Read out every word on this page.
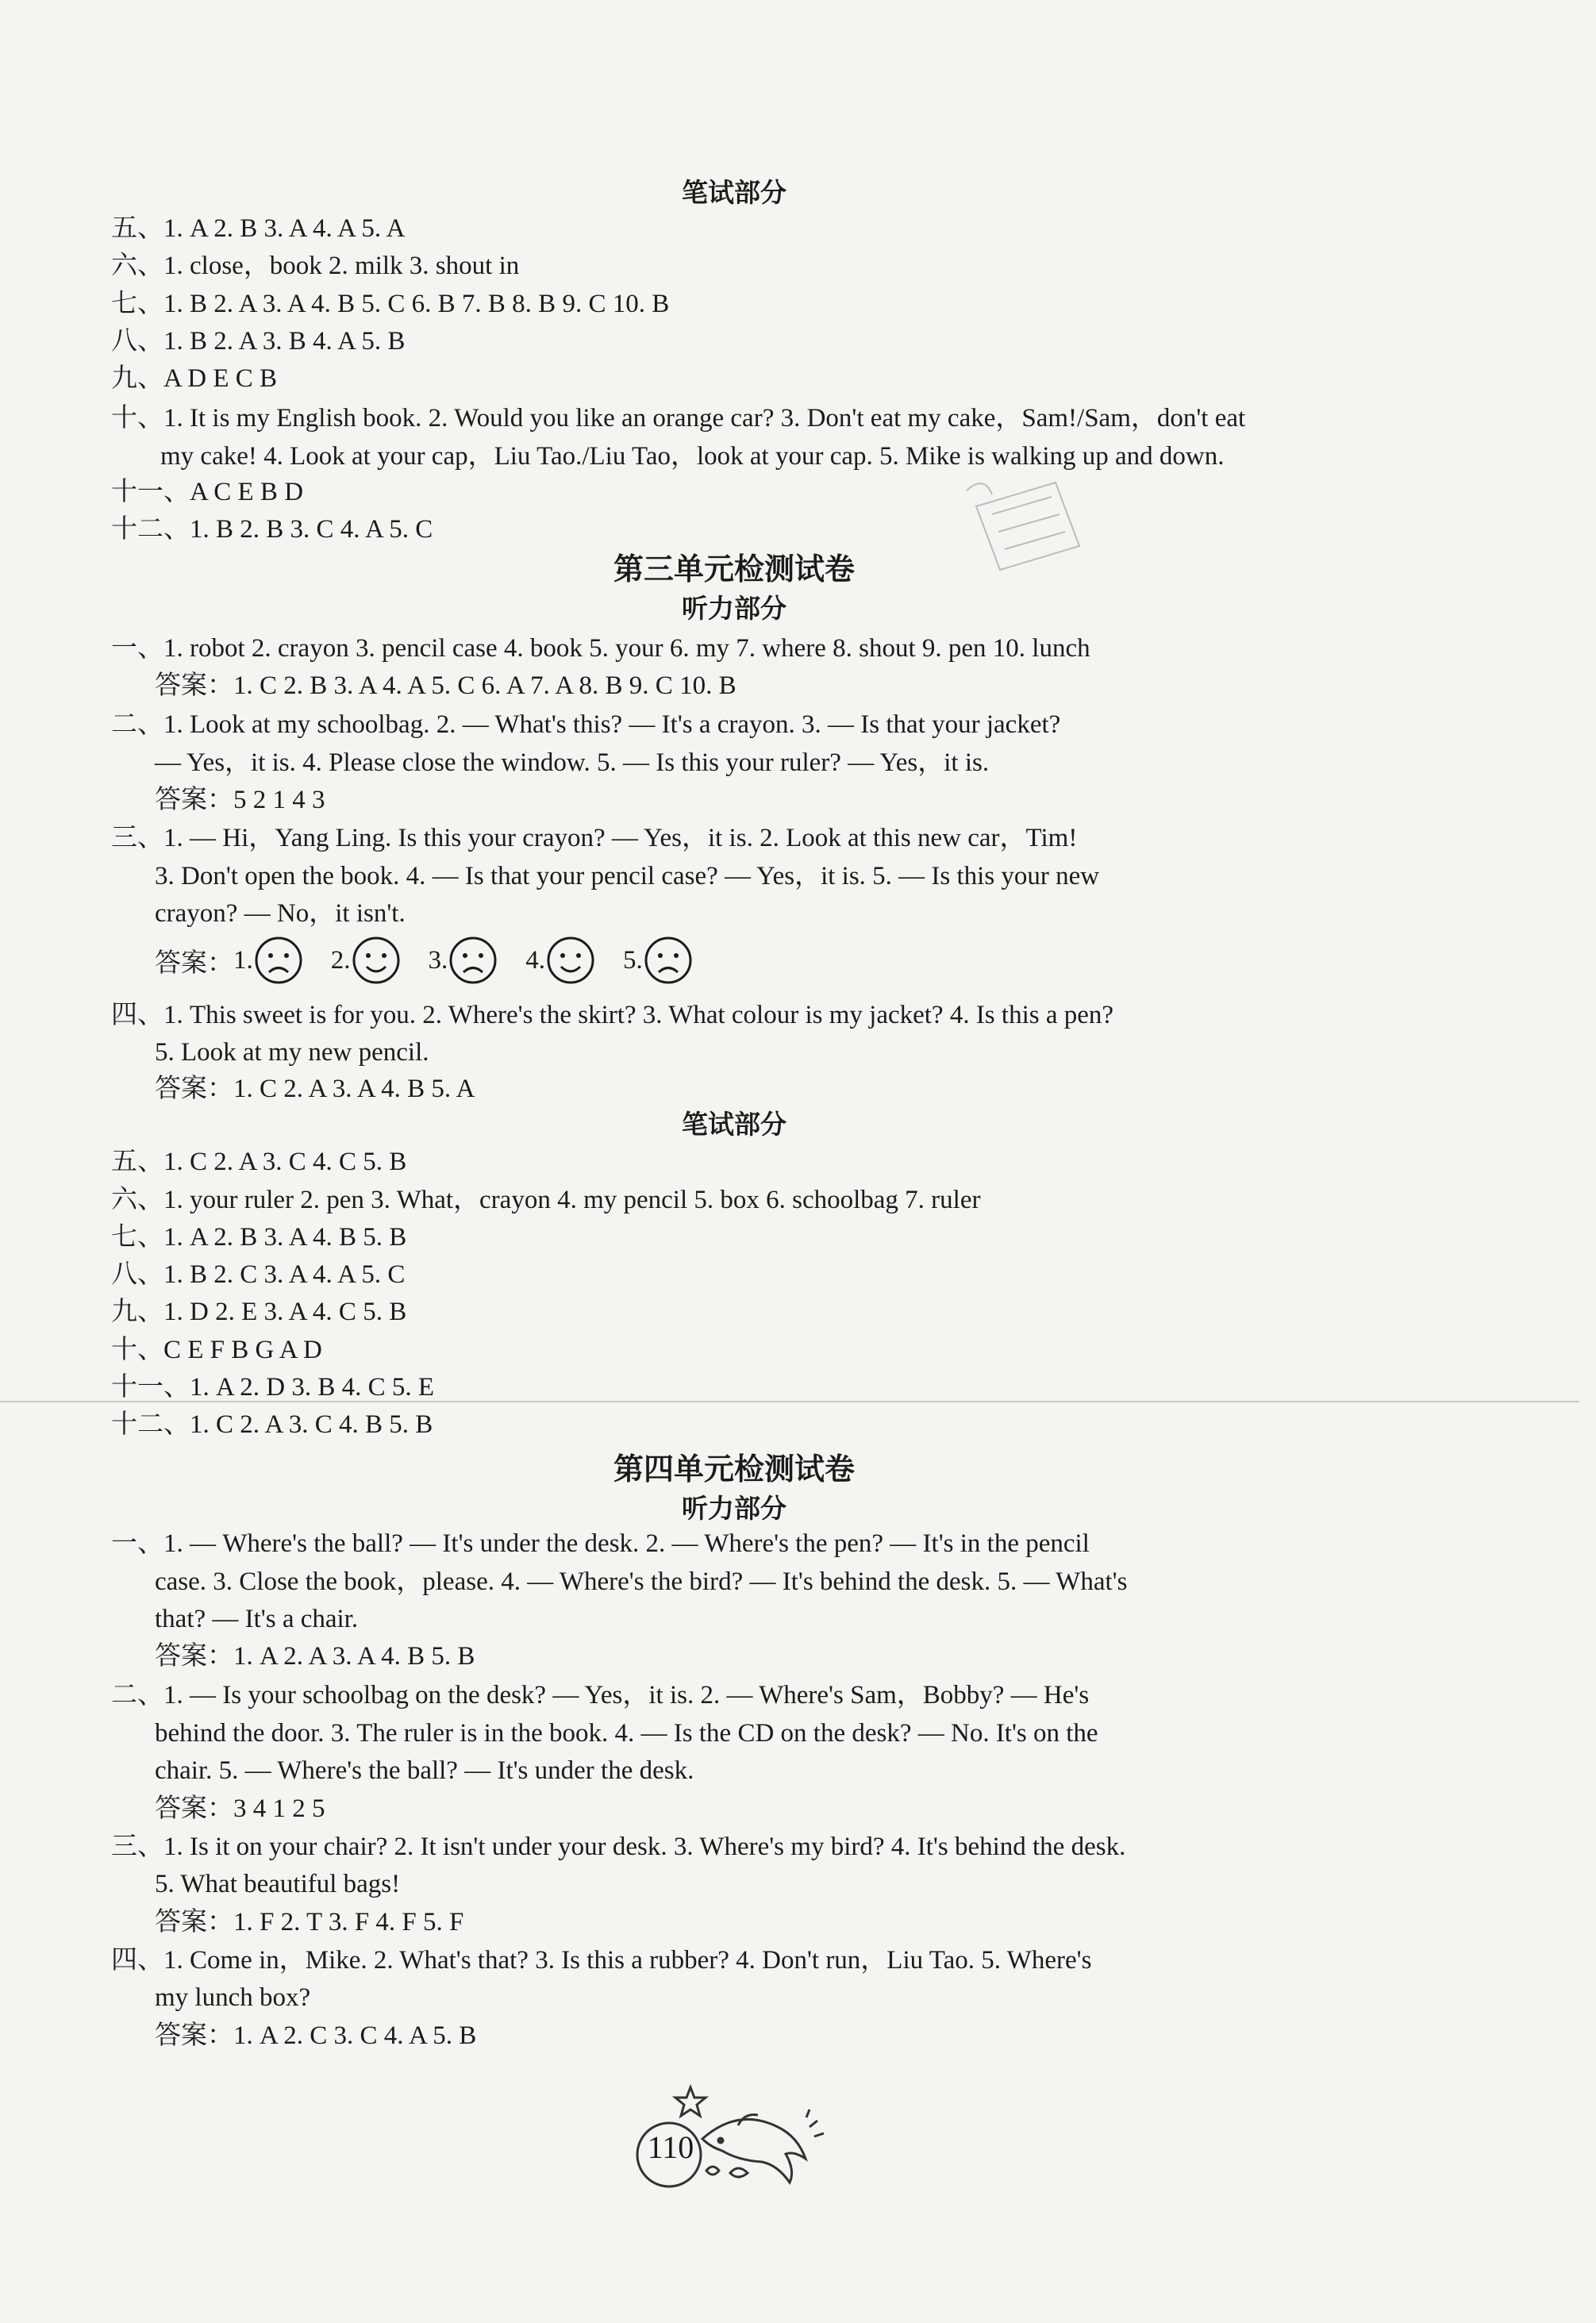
笔试部分
第三单元检测试卷
听力部分
笔试部分
第四单元检测试卷
听力部分
五、1. A 2. B 3. A 4. A 5. A
六、1. close，book 2. milk 3. shout in
七、1. B 2. A 3. A 4. B 5. C 6. B 7. B 8. B 9. C 10. B
八、1. B 2. A 3. B 4. A 5. B
九、A D E C B
十、1. It is my English book. 2. Would you like an orange car? 3. Don't eat my cake，Sam!/Sam，don't eat
my cake! 4. Look at your cap，Liu Tao./Liu Tao，look at your cap. 5. Mike is walking up and down.
十一、A C E B D
十二、1. B 2. B 3. C 4. A 5. C
一、1. robot 2. crayon 3. pencil case 4. book 5. your 6. my 7. where 8. shout 9. pen 10. lunch
答案：1. C 2. B 3. A 4. A 5. C 6. A 7. A 8. B 9. C 10. B
二、1. Look at my schoolbag. 2. — What's this? — It's a crayon. 3. — Is that your jacket?
— Yes，it is. 4. Please close the window. 5. — Is this your ruler? — Yes，it is.
答案：5 2 1 4 3
三、1. — Hi，Yang Ling. Is this your crayon? — Yes，it is. 2. Look at this new car，Tim!
3. Don't open the book. 4. — Is that your pencil case? — Yes，it is. 5. — Is this your new
crayon? — No，it isn't.
答案： 1.	2.	3.	4.	5.
四、1. This sweet is for you. 2. Where's the skirt? 3. What colour is my jacket? 4. Is this a pen?
5. Look at my new pencil.
答案：1. C 2. A 3. A 4. B 5. A
五、1. C 2. A 3. C 4. C 5. B
六、1. your ruler 2. pen 3. What，crayon 4. my pencil 5. box 6. schoolbag 7. ruler
七、1. A 2. B 3. A 4. B 5. B
八、1. B 2. C 3. A 4. A 5. C
九、1. D 2. E 3. A 4. C 5. B
十、C E F B G A D
十一、1. A 2. D 3. B 4. C 5. E
十二、1. C 2. A 3. C 4. B 5. B
一、1. — Where's the ball? — It's under the desk. 2. — Where's the pen? — It's in the pencil
case. 3. Close the book，please. 4. — Where's the bird? — It's behind the desk. 5. — What's
that? — It's a chair.
答案：1. A 2. A 3. A 4. B 5. B
二、1. — Is your schoolbag on the desk? — Yes，it is. 2. — Where's Sam，Bobby? — He's
behind the door. 3. The ruler is in the book. 4. — Is the CD on the desk? — No. It's on the
chair. 5. — Where's the ball? — It's under the desk.
答案：3 4 1 2 5
三、1. Is it on your chair? 2. It isn't under your desk. 3. Where's my bird? 4. It's behind the desk.
5. What beautiful bags!
答案：1. F 2. T 3. F 4. F 5. F
四、1. Come in，Mike. 2. What's that? 3. Is this a rubber? 4. Don't run，Liu Tao. 5. Where's
my lunch box?
答案：1. A 2. C 3. C 4. A 5. B
110
